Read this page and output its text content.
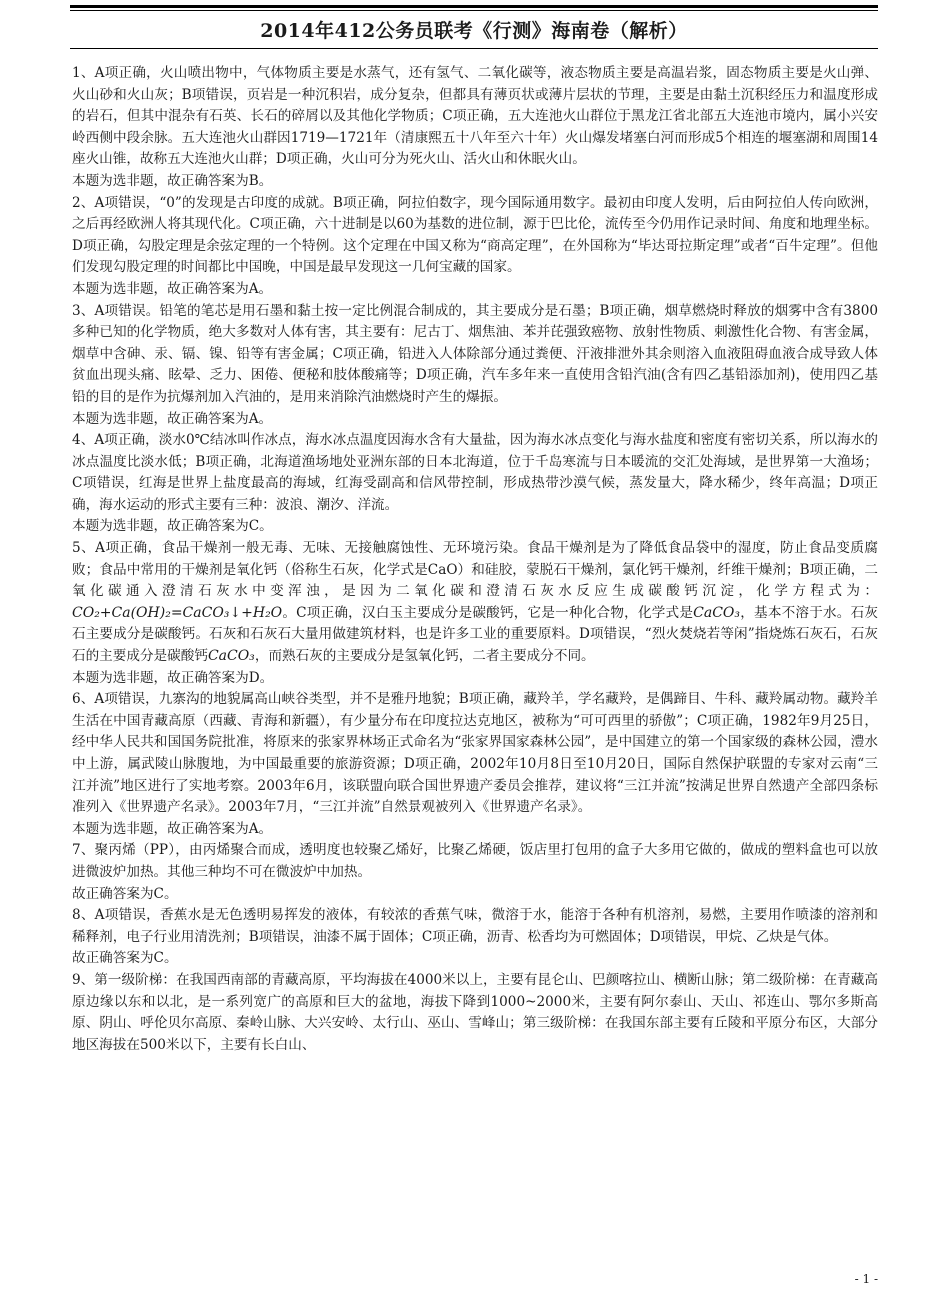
2014年412公务员联考《行测》海南卷（解析）

1、A项正确，火山喷出物中，气体物质主要是水蒸气，还有氢气、二氧化碳等，液态物质主要是高温岩浆，固态物质主要是火山弹、火山砂和火山灰；B项错误，页岩是一种沉积岩，成分复杂，但都具有薄页状或薄片层状的节理，主要是由黏土沉积经压力和温度形成的岩石，但其中混杂有石英、长石的碎屑以及其他化学物质；C项正确，五大连池火山群位于黑龙江省北部五大连池市境内，属小兴安岭西侧中段余脉。五大连池火山群因1719—1721年（清康熙五十八年至六十年）火山爆发堵塞白河而形成5个相连的堰塞湖和周围14座火山锥，故称五大连池火山群；D项正确，火山可分为死火山、活火山和休眠火山。

本题为选非题，故正确答案为B。

2、A项错误，“0”的发现是古印度的成就。B项正确，阿拉伯数字，现今国际通用数字。最初由印度人发明，后由阿拉伯人传向欧洲，之后再经欧洲人将其现代化。C项正确，六十进制是以60为基数的进位制，源于巴比伦，流传至今仍用作记录时间、角度和地理坐标。D项正确，勾股定理是余弦定理的一个特例。这个定理在中国又称为“商高定理”，在外国称为“毕达哥拉斯定理”或者“百牛定理”。但他们发现勾股定理的时间都比中国晚，中国是最早发现这一几何宝藏的国家。

本题为选非题，故正确答案为A。

3、A项错误。铅笔的笔芯是用石墨和黏土按一定比例混合制成的，其主要成分是石墨；B项正确，烟草燃烧时释放的烟雾中含有3800多种已知的化学物质，绝大多数对人体有害，其主要有：尼古丁、烟焦油、苯并芘强致癌物、放射性物质、刺激性化合物、有害金属，烟草中含砷、汞、镉、镍、铅等有害金属；C项正确，铅进入人体除部分通过粪便、汗液排泄外其余则溶入血液阻碍血液合成导致人体贫血出现头痛、眩晕、乏力、困倦、便秘和肢体酸痛等；D项正确，汽车多年来一直使用含铅汽油(含有四乙基铅添加剂)，使用四乙基铅的目的是作为抗爆剂加入汽油的，是用来消除汽油燃烧时产生的爆振。

本题为选非题，故正确答案为A。

4、A项正确，淡水0℃结冰叫作冰点，海水冰点温度因海水含有大量盐，因为海水冰点变化与海水盐度和密度有密切关系，所以海水的冰点温度比淡水低；B项正确，北海道渔场地处亚洲东部的日本北海道，位于千岛寒流与日本暖流的交汇处海域，是世界第一大渔场；C项错误，红海是世界上盐度最高的海域，红海受副高和信风带控制，形成热带沙漠气候，蒸发量大，降水稀少，终年高温；D项正确，海水运动的形式主要有三种：波浪、潮汐、洋流。

本题为选非题，故正确答案为C。

5、A项正确，食品干燥剂一般无毒、无味、无接触腐蚀性、无环境污染。食品干燥剂是为了降低食品袋中的湿度，防止食品变质腐败；食品中常用的干燥剂是氧化钙（俗称生石灰，化学式是CaO）和硅胶，蒙脱石干燥剂，氯化钙干燥剂，纤维干燥剂；B项正确，二氧化碳通入澄清石灰水中变浑浊，是因为二氧化碳和澄清石灰水反应生成碳酸钙沉淀，化学方程式为：CO₂+Ca(OH)₂=CaCO₃↓+H₂O。C项正确，汉白玉主要成分是碳酸钙，它是一种化合物，化学式是CaCO₃，基本不溶于水。石灰石主要成分是碳酸钙。石灰和石灰石大量用做建筑材料，也是许多工业的重要原料。D项错误，“烈火焚烧若等闲”指烧炼石灰石，石灰石的主要成分是碳酸钙CaCO₃，而熟石灰的主要成分是氢氧化钙，二者主要成分不同。

本题为选非题，故正确答案为D。

6、A项错误，九寨沟的地貌属高山峡谷类型，并不是雅丹地貌；B项正确，藏羚羊，学名藏羚，是偶蹄目、牛科、藏羚属动物。藏羚羊生活在中国青藏高原（西藏、青海和新疆），有少量分布在印度拉达克地区，被称为“可可西里的骄傲”；C项正确，1982年9月25日，经中华人民共和国国务院批准，将原来的张家界林场正式命名为“张家界国家森林公园”，是中国建立的第一个国家级的森林公园，澧水中上游，属武陵山脉腹地，为中国最重要的旅游资源；D项正确，2002年10月8日至10月20日，国际自然保护联盟的专家对云南“三江并流”地区进行了实地考察。2003年6月，该联盟向联合国世界遗产委员会推荐，建议将“三江并流”按满足世界自然遗产全部四条标准列入《世界遗产名录》。2003年7月，“三江并流”自然景观被列入《世界遗产名录》。

本题为选非题，故正确答案为A。

7、聚丙烯（PP），由丙烯聚合而成，透明度也较聚乙烯好，比聚乙烯硬，饭店里打包用的盒子大多用它做的，做成的塑料盒也可以放进微波炉加热。其他三种均不可在微波炉中加热。

故正确答案为C。

8、A项错误，香蕉水是无色透明易挥发的液体，有较浓的香蕉气味，微溶于水，能溶于各种有机溶剂，易燃，主要用作喷漆的溶剂和稀释剂，电子行业用清洗剂；B项错误，油漆不属于固体；C项正确，沥青、松香均为可燃固体；D项错误，甲烷、乙炔是气体。

故正确答案为C。

9、第一级阶梯：在我国西南部的青藏高原，平均海拔在4000米以上，主要有昆仑山、巴颜喀拉山、横断山脉；第二级阶梯：在青藏高原边缘以东和以北，是一系列宽广的高原和巨大的盆地，海拔下降到1000~2000米，主要有阿尔泰山、天山、祁连山、鄂尔多斯高原、阴山、呼伦贝尔高原、秦岭山脉、大兴安岭、太行山、巫山、雪峰山；第三级阶梯：在我国东部主要有丘陵和平原分布区，大部分地区海拔在500米以下，主要有长白山、

- 1 -
